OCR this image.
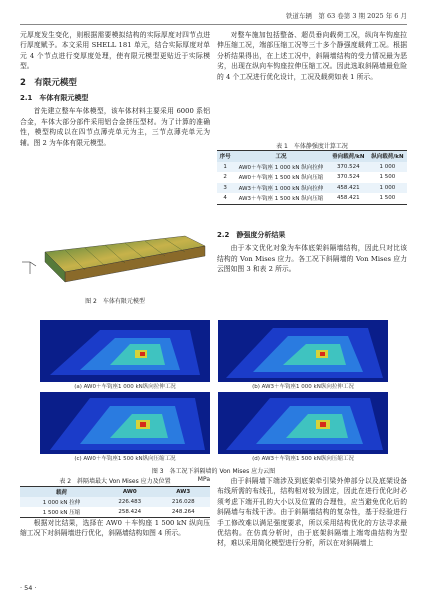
铁道车辆　第 63 卷第 3 期 2025 年 6 月

元厚度发生变化，则根据需要模拟结构的实际厚度对四节点进行厚度赋予。本文采用 SHELL 181 单元，结合实际厚度对单元 4 个节点进行变厚度处理，使有限元模型更贴近于实际模型。

2　有限元模型
2.1　车体有限元模型

首先建立整车车体模型，该车体材料主要采用 6000 系铝合金，车体大部分部件采用铝合金挤压型材。为了计算的准确性，模型构成以在四节点薄壳单元为主，三节点薄壳单元为辅。图 2 为车体有限元模型。

图 2　车体有限元模型

对整车施加包括整备、超员垂向载荷工况，纵向车钩座拉伸压缩工况，端部压缩工况等三十多个静强度载荷工况。根据分析结果得出，在上述工况中，斜隔墙结构的受力情况最为恶劣，出现在纵向车钩座拉伸压缩工况。因此选取斜隔墙最危险的 4 个工况进行优化设计，工况及载荷如表 1 所示。

表 1　车体静强度计算工况
序号	工况	垂向载荷/kN	纵向载荷/kN
1	AW0＋车钩座 1 000 kN 纵向拉伸	370.524	1 000
2	AW0＋车钩座 1 500 kN 纵向压缩	370.524	1 500
3	AW3＋车钩座 1 000 kN 纵向拉伸	458.421	1 000
4	AW3＋车钩座 1 500 kN 纵向压缩	458.421	1 500
2.2　静强度分析结果

由于本文优化对象为车体底架斜隔墙结构，因此只对比该结构的 Von Mises 应力。各工况下斜隔墙的 Von Mises 应力云图如图 3 和表 2 所示。

(a) AW0＋车钩座1 000 kN纵向拉伸工况	(b) AW3＋车钩座1 000 kN纵向拉伸工况
(c) AW0＋车钩座1 500 kN纵向压缩工况	(d) AW3＋车钩座1 500 kN纵向压缩工况
图 3　各工况下斜隔墙的 Von Mises 应力云图
表 2　斜隔墙最大 Von Mises 应力及位置	MPa
载荷	AW0	AW3
1 000 kN 拉伸	226.483	216.028
1 500 kN 压缩	258.424	248.264

根据对比结果，选择在 AW0 ＋车钩座 1 500 kN 纵向压缩工况下对斜隔墙进行优化，斜隔墙结构如图 4 所示。

由于斜隔墙下端涉及到底架牵引梁外伸部分以及底架设备布线所需的布线孔，结构相对较为固定，因此在进行优化时必须考虑下端开孔的大小以及位置的合理性，应当避免优化后的斜隔墙与布线干涉。由于斜隔墙结构的复杂性，基于经验进行手工修改难以满足强度要求，所以采用结构优化的方法寻求最优结构。在仿真分析时，由于底架斜隔墙上端弯曲结构为型材，难以采用简化模型进行分析，所以在对斜隔墙上

· 54 ·
